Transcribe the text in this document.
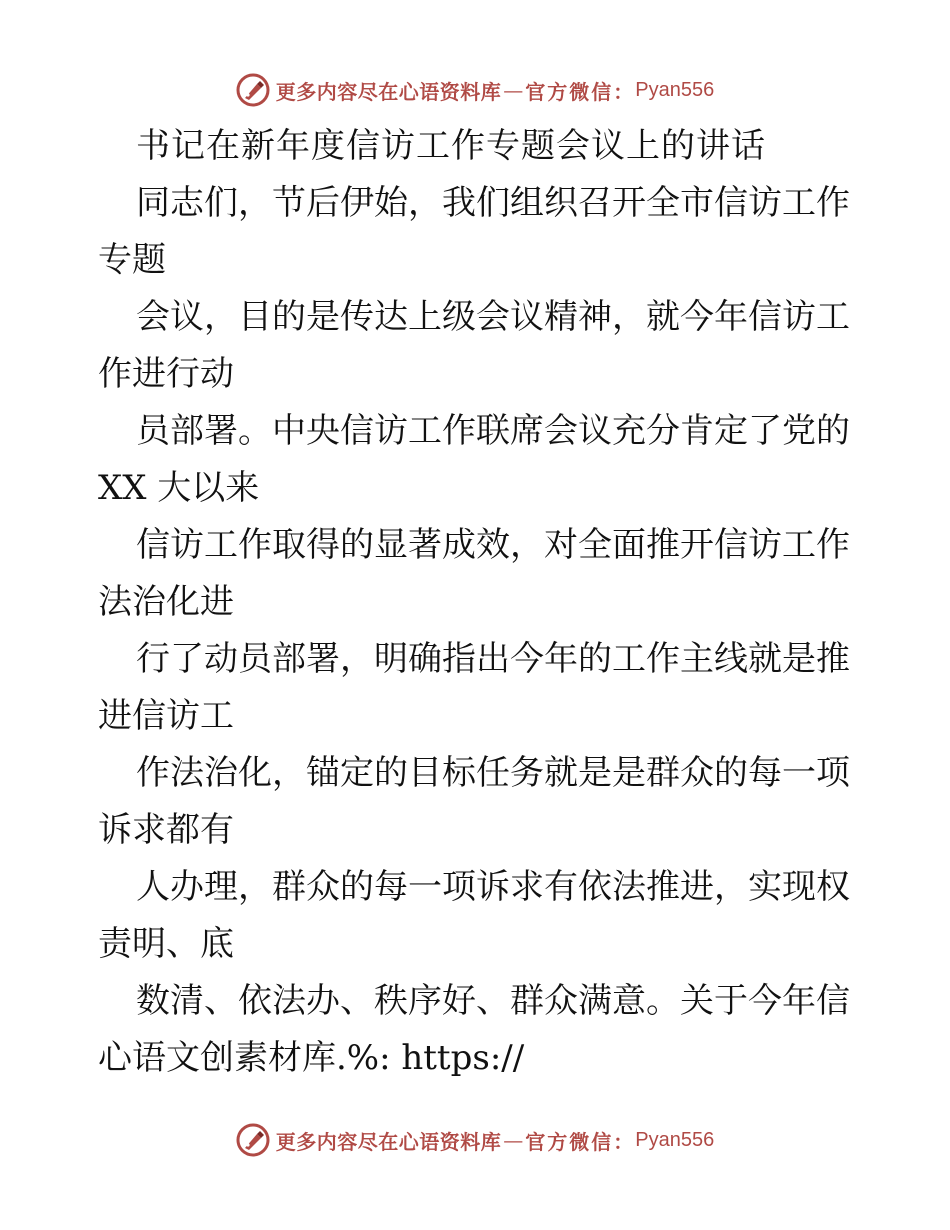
更多内容尽在心语资料库 — 官方微信： Pyan556
书记在新年度信访工作专题会议上的讲话
同志们，节后伊始，我们组织召开全市信访工作
专题
会议，目的是传达上级会议精神，就今年信访工
作进行动
员部署。中央信访工作联席会议充分肯定了党的
XX 大以来
信访工作取得的显著成效，对全面推开信访工作
法治化进
行了动员部署，明确指出今年的工作主线就是推
进信访工
作法治化，锚定的目标任务就是是群众的每一项
诉求都有
人办理，群众的每一项诉求有依法推进，实现权
责明、底
数清、依法办、秩序好、群众满意。关于今年信
心语文创素材库.%: https://
更多内容尽在心语资料库 — 官方微信： Pyan556
